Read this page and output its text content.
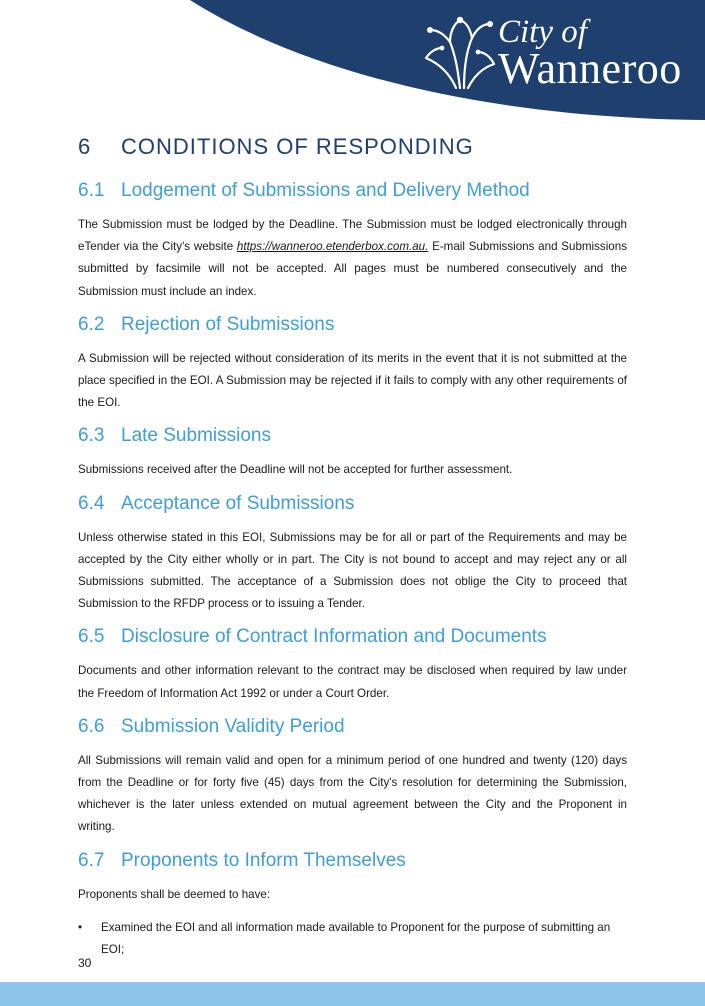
City of
Wanneroo
6	CONDITIONS OF RESPONDING
6.1 Lodgement of Submissions and Delivery Method

The Submission must be lodged by the Deadline. The Submission must be lodged electronically through eTender via the City's website https://wanneroo.etenderbox.com.au. E-mail Submissions and Submissions submitted by facsimile will not be accepted. All pages must be numbered consecutively and the Submission must include an index.

6.2 Rejection of Submissions

A Submission will be rejected without consideration of its merits in the event that it is not submitted at the place specified in the EOI. A Submission may be rejected if it fails to comply with any other requirements of the EOI.

6.3 Late Submissions

Submissions received after the Deadline will not be accepted for further assessment.

6.4 Acceptance of Submissions

Unless otherwise stated in this EOI, Submissions may be for all or part of the Requirements and may be accepted by the City either wholly or in part. The City is not bound to accept and may reject any or all Submissions submitted. The acceptance of a Submission does not oblige the City to proceed that Submission to the RFDP process or to issuing a Tender.

6.5 Disclosure of Contract Information and Documents

Documents and other information relevant to the contract may be disclosed when required by law under the Freedom of Information Act 1992 or under a Court Order.

6.6 Submission Validity Period

All Submissions will remain valid and open for a minimum period of one hundred and twenty (120) days from the Deadline or for forty five (45) days from the City's resolution for determining the Submission, whichever is the later unless extended on mutual agreement between the City and the Proponent in writing.

6.7 Proponents to Inform Themselves

Proponents shall be deemed to have:

• Examined the EOI and all information made available to Proponent for the purpose of submitting an EOI;
30
